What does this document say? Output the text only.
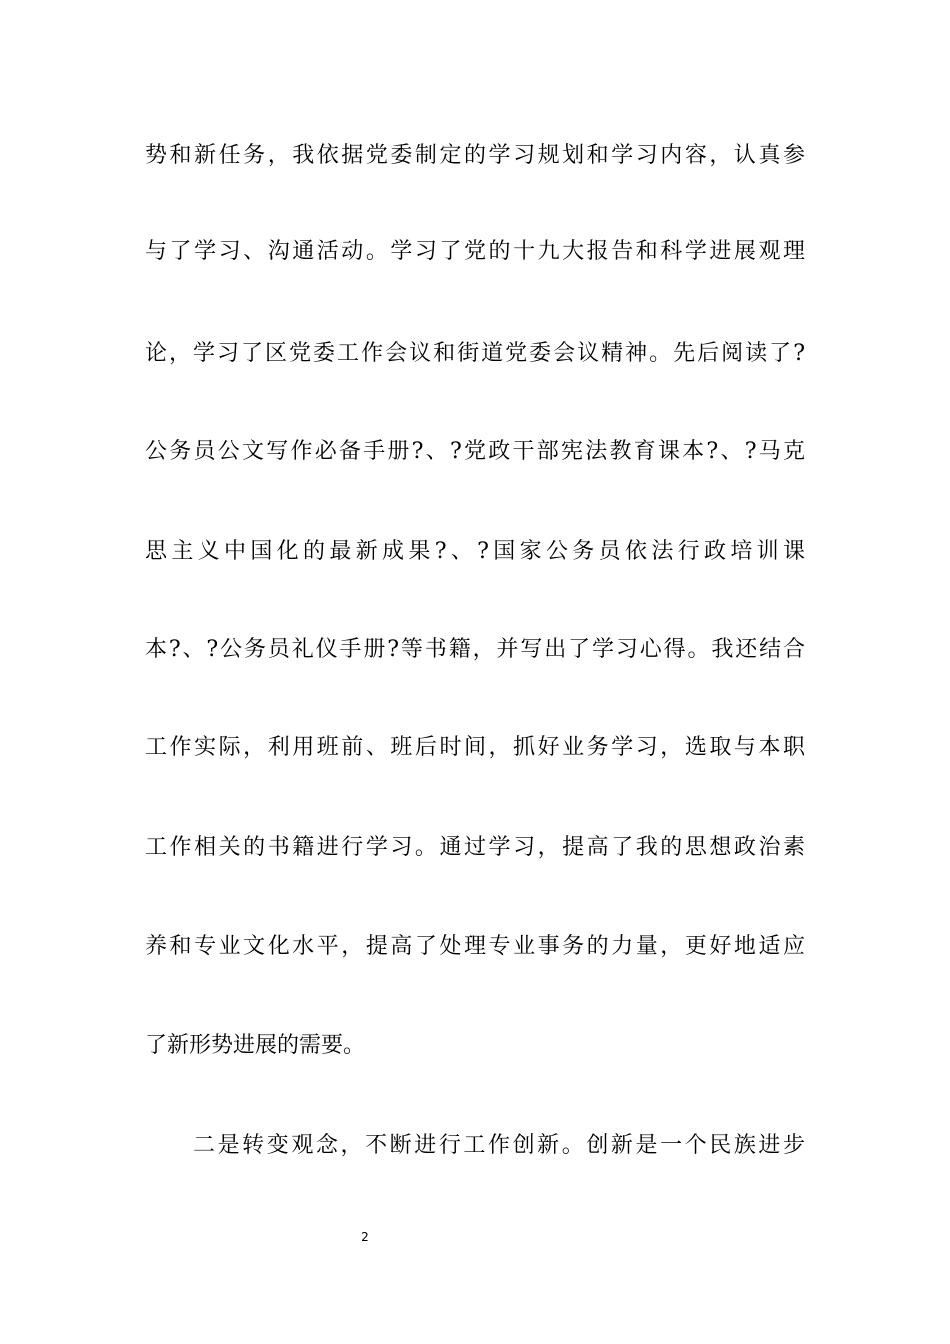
势和新任务，我依据党委制定的学习规划和学习内容，认真参
与了学习、沟通活动。学习了党的十九大报告和科学进展观理
论，学习了区党委工作会议和街道党委会议精神。先后阅读了?
公务员公文写作必备手册?、?党政干部宪法教育课本?、?马克
思主义中国化的最新成果?、?国家公务员依法行政培训课
本?、?公务员礼仪手册?等书籍，并写出了学习心得。我还结合
工作实际，利用班前、班后时间，抓好业务学习，选取与本职
工作相关的书籍进行学习。通过学习，提高了我的思想政治素
养和专业文化水平，提高了处理专业事务的力量，更好地适应
了新形势进展的需要。
二是转变观念，不断进行工作创新。创新是一个民族进步
2
